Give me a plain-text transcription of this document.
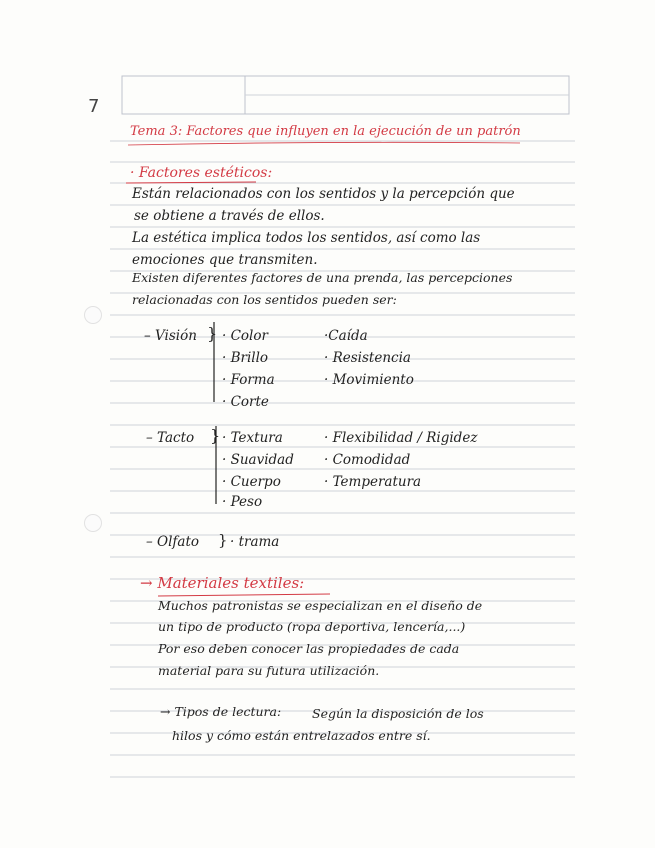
7
Tema 3: Factores que influyen en la ejecución de un patrón
· Factores estéticos:
Están relacionados con los sentidos y la percepción que
se obtiene a través de ellos.
La estética implica todos los sentidos, así como las
emociones que transmiten.
Existen diferentes factores de una prenda, las percepciones
relacionadas con los sentidos pueden ser:
– Visión } · Color
· Brillo
· Forma
· Corte
·Caída
· Resistencia
· Movimiento
– Tacto } · Textura
· Suavidad
· Cuerpo
· Peso
· Flexibilidad / Rigidez
· Comodidad
· Temperatura
– Olfato } · trama
→ Materiales textiles:
Muchos patronistas se especializan en el diseño de
un tipo de producto (ropa deportiva, lencería,...)
Por eso deben conocer las propiedades de cada
material para su futura utilización.
→ Tipos de lectura: Según la disposición de los
hilos y cómo están entrelazados entre sí.
